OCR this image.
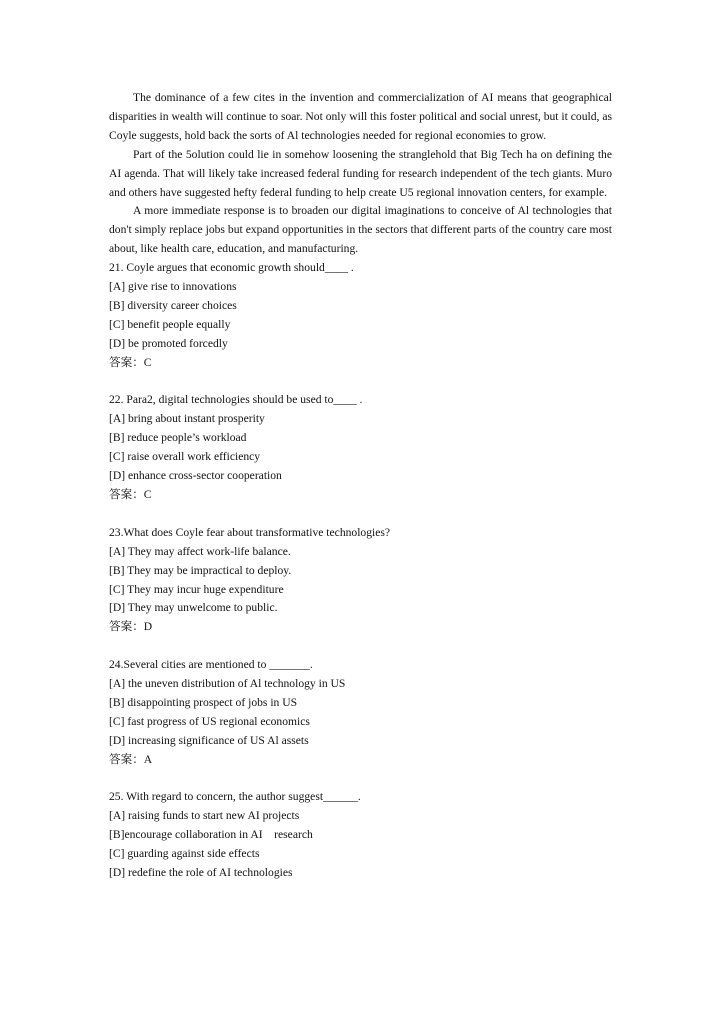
The dominance of a few cites in the invention and commercialization of AI means that geographical disparities in wealth will continue to soar. Not only will this foster political and social unrest, but it could, as Coyle suggests, hold back the sorts of Al technologies needed for regional economies to grow.

Part of the 5olution could lie in somehow loosening the stranglehold that Big Tech ha on defining the AI agenda. That will likely take increased federal funding for research independent of the tech giants. Muro and others have suggested hefty federal funding to help create U5 regional innovation centers, for example.

A more immediate response is to broaden our digital imaginations to conceive of Al technologies that don't simply replace jobs but expand opportunities in the sectors that different parts of the country care most about, like health care, education, and manufacturing.

21. Coyle argues that economic growth should____ .

[A] give rise to innovations

[B] diversity career choices

[C] benefit people equally

[D] be promoted forcedly

答案：C

22. Para2, digital technologies should be used to____ .

[A] bring about instant prosperity

[B] reduce people’s workload

[C] raise overall work efficiency

[D] enhance cross-sector cooperation

答案：C

23.What does Coyle fear about transformative technologies?

[A] They may affect work-life balance.

[B] They may be impractical to deploy.

[C] They may incur huge expenditure

[D] They may unwelcome to public.

答案：D

24.Several cities are mentioned to _______.

[A] the uneven distribution of Al technology in US

[B] disappointing prospect of jobs in US

[C] fast progress of US regional economics

[D] increasing significance of US Al assets

答案：A

25. With regard to concern, the author suggest______.

[A] raising funds to start new AI projects

[B]encourage collaboration in AI    research

[C] guarding against side effects

[D] redefine the role of AI technologies
